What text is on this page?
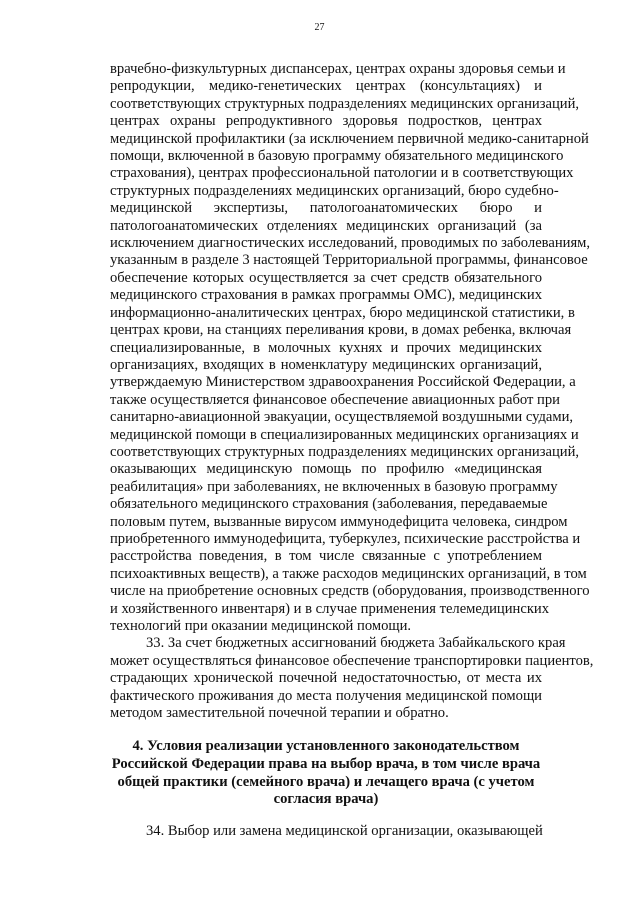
27

врачебно-физкультурных диспансерах, центрах охраны здоровья семьи и
репродукции, медико-генетических центрах (консультациях) и
соответствующих структурных подразделениях медицинских организаций,
центрах охраны репродуктивного здоровья подростков, центрах
медицинской профилактики (за исключением первичной медико-санитарной
помощи, включенной в базовую программу обязательного медицинского
страхования), центрах профессиональной патологии и в соответствующих
структурных подразделениях медицинских организаций, бюро судебно-
медицинской экспертизы, патологоанатомических бюро и
патологоанатомических отделениях медицинских организаций (за
исключением диагностических исследований, проводимых по заболеваниям,
указанным в разделе 3 настоящей Территориальной программы, финансовое
обеспечение которых осуществляется за счет средств обязательного
медицинского страхования в рамках программы ОМС), медицинских
информационно-аналитических центрах, бюро медицинской статистики, в
центрах крови, на станциях переливания крови, в домах ребенка, включая
специализированные, в молочных кухнях и прочих медицинских
организациях, входящих в номенклатуру медицинских организаций,
утверждаемую Министерством здравоохранения Российской Федерации, а
также осуществляется финансовое обеспечение авиационных работ при
санитарно-авиационной эвакуации, осуществляемой воздушными судами,
медицинской помощи в специализированных медицинских организациях и
соответствующих структурных подразделениях медицинских организаций,
оказывающих медицинскую помощь по профилю «медицинская
реабилитация» при заболеваниях, не включенных в базовую программу
обязательного медицинского страхования (заболевания, передаваемые
половым путем, вызванные вирусом иммунодефицита человека, синдром
приобретенного иммунодефицита, туберкулез, психические расстройства и
расстройства поведения, в том числе связанные с употреблением
психоактивных веществ), а также расходов медицинских организаций, в том
числе на приобретение основных средств (оборудования, производственного
и хозяйственного инвентаря) и в случае применения телемедицинских
технологий при оказании медицинской помощи.

33. За счет бюджетных ассигнований бюджета Забайкальского края
может осуществляться финансовое обеспечение транспортировки пациентов,
страдающих хронической почечной недостаточностью, от места их
фактического проживания до места получения медицинской помощи
методом заместительной почечной терапии и обратно.

4. Условия реализации установленного законодательством
Российской Федерации права на выбор врача, в том числе врача
общей практики (семейного врача) и лечащего врача (с учетом
согласия врача)

34. Выбор или замена медицинской организации, оказывающей
